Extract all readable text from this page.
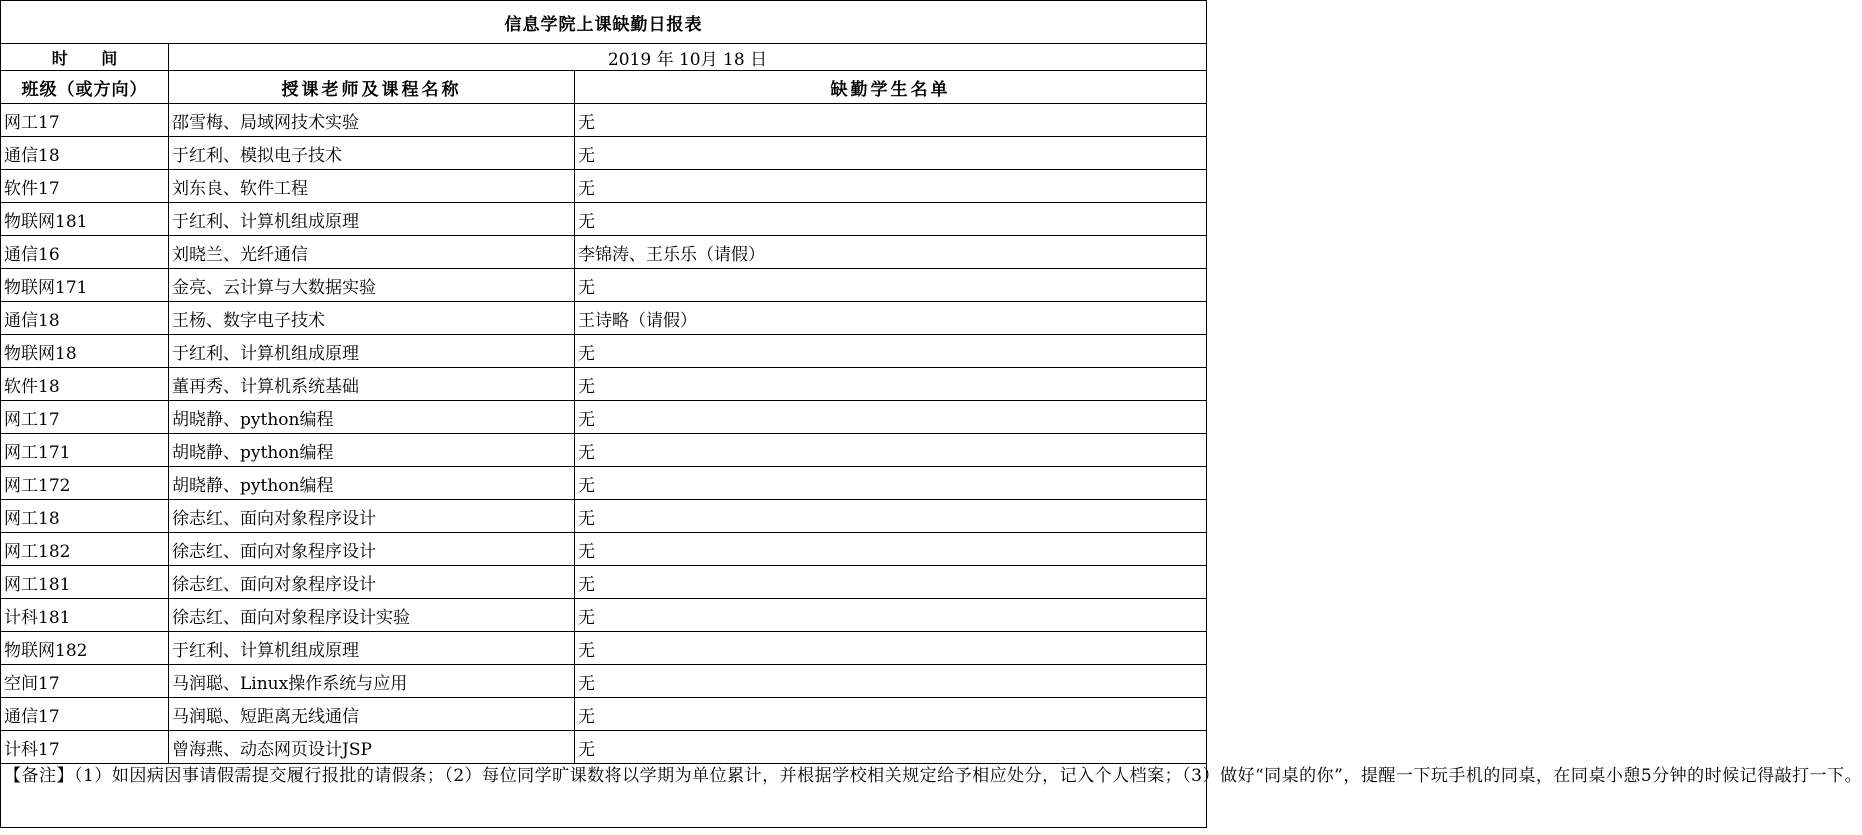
信息学院上课缺勤日报表		
时      间	2019 年 10月 18 日	
班级（或方向）	授课老师及课程名称	缺勤学生名单
网工17	邵雪梅、局域网技术实验	无
通信18	于红利、模拟电子技术	无
软件17	刘东良、软件工程	无
物联网181	于红利、计算机组成原理	无
通信16	刘晓兰、光纤通信	李锦涛、王乐乐（请假）
物联网171	金亮、云计算与大数据实验	无
通信18	王杨、数字电子技术	王诗略（请假）
物联网18	于红利、计算机组成原理	无
软件18	董再秀、计算机系统基础	无
网工17	胡晓静、python编程	无
网工171	胡晓静、python编程	无
网工172	胡晓静、python编程	无
网工18	徐志红、面向对象程序设计	无
网工182	徐志红、面向对象程序设计	无
网工181	徐志红、面向对象程序设计	无
计科181	徐志红、面向对象程序设计实验	无
物联网182	于红利、计算机组成原理	无
空间17	马润聪、Linux操作系统与应用	无
通信17	马润聪、短距离无线通信	无
计科17	曾海燕、动态网页设计JSP	无
【备注】（1）如因病因事请假需提交履行报批的请假条；（2）每位同学旷课数将以学期为单位累计，并根据学校相关规定给予相应处分，记入个人档案；（3）做好“同桌的你”，提醒一下玩手机的同桌，在同桌小憩5分钟的时候记得敲打一下。		
